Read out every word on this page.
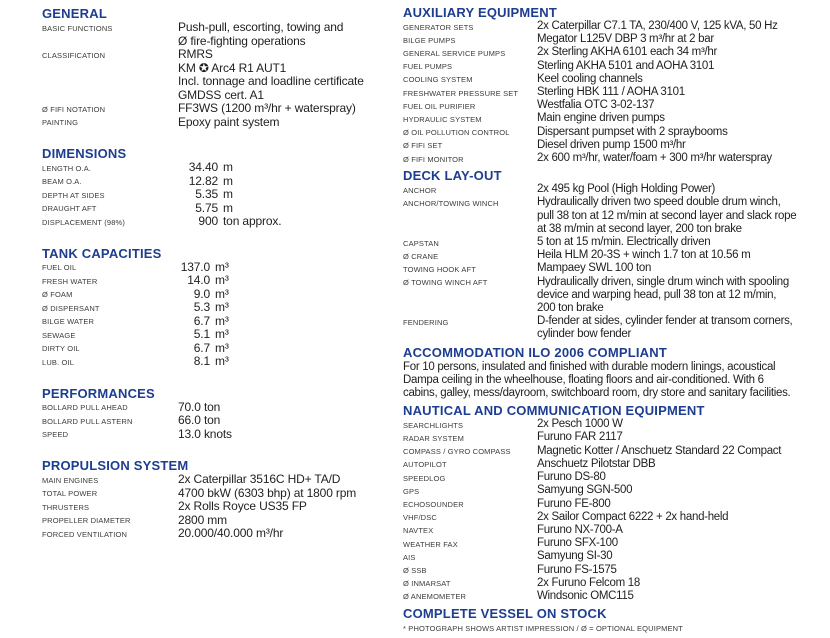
GENERAL
BASIC FUNCTIONS	Push-pull, escorting, towing and
Ø fire-fighting operations
CLASSIFICATION	RMRS
KM ✪ Arc4 R1 AUT1
Incl. tonnage and loadline certificate
GMDSS cert. A1
Ø FIFI NOTATION	FF3WS (1200 m³/hr + waterspray)
PAINTING	Epoxy paint system
DIMENSIONS
LENGTH O.A.	34.40 m
BEAM O.A.	12.82 m
DEPTH AT SIDES	5.35 m
DRAUGHT AFT	5.75 m
DISPLACEMENT (98%)	900 ton approx.
TANK CAPACITIES
FUEL OIL	137.0 m³
FRESH WATER	14.0 m³
Ø FOAM	9.0 m³
Ø DISPERSANT	5.3 m³
BILGE WATER	6.7 m³
SEWAGE	5.1 m³
DIRTY OIL	6.7 m³
LUB. OIL	8.1 m³
PERFORMANCES
BOLLARD PULL AHEAD	70.0 ton
BOLLARD PULL ASTERN	66.0 ton
SPEED	13.0 knots
PROPULSION SYSTEM
MAIN ENGINES	2x Caterpillar 3516C HD+ TA/D
TOTAL POWER	4700 bkW (6303 bhp) at 1800 rpm
THRUSTERS	2x Rolls Royce US35 FP
PROPELLER DIAMETER	2800 mm
FORCED VENTILATION	20.000/40.000 m³/hr
AUXILIARY EQUIPMENT
GENERATOR SETS	2x Caterpillar C7.1 TA, 230/400 V, 125 kVA, 50 Hz
BILGE PUMPS	Megator L125V DBP 3 m³/hr at 2 bar
GENERAL SERVICE PUMPS	2x Sterling AKHA 6101 each 34 m³/hr
FUEL PUMPS	Sterling AKHA 5101 and AOHA 3101
COOLING SYSTEM	Keel cooling channels
FRESHWATER PRESSURE SET Sterling HBK 111 / AOHA 3101
FUEL OIL PURIFIER	Westfalia OTC 3-02-137
HYDRAULIC SYSTEM	Main engine driven pumps
Ø OIL POLLUTION CONTROL Dispersant pumpset with 2 spraybooms
Ø FIFI SET	Diesel driven pump 1500 m³/hr
Ø FIFI MONITOR	2x 600 m³/hr, water/foam + 300 m³/hr waterspray
DECK LAY-OUT
ANCHOR	2x 495 kg Pool (High Holding Power)
ANCHOR/TOWING WINCH	Hydraulically driven two speed double drum winch,
pull 38 ton at 12 m/min at second layer and slack rope
at 38 m/min at second layer, 200 ton brake
CAPSTAN	5 ton at 15 m/min. Electrically driven
Ø CRANE	Heila HLM 20-3S + winch 1.7 ton at 10.56 m
TOWING HOOK AFT	Mampaey SWL 100 ton
Ø TOWING WINCH AFT	Hydraulically driven, single drum winch with spooling
device and warping head, pull 38 ton at 12 m/min,
200 ton brake
FENDERING	D-fender at sides, cylinder fender at transom corners,
cylinder bow fender
ACCOMMODATION ILO 2006 COMPLIANT
For 10 persons, insulated and finished with durable modern linings, acoustical
Dampa ceiling in the wheelhouse, floating floors and air-conditioned. With 6
cabins, galley, mess/dayroom, switchboard room, dry store and sanitary facilities.
NAUTICAL AND COMMUNICATION EQUIPMENT
SEARCHLIGHTS	2x Pesch 1000 W
RADAR SYSTEM	Furuno FAR 2117
COMPASS / GYRO COMPASS Magnetic Kotter / Anschuetz Standard 22 Compact
AUTOPILOT	Anschuetz Pilotstar DBB
SPEEDLOG	Furuno DS-80
GPS	Samyung SGN-500
ECHOSOUNDER	Furuno FE-800
VHF/DSC	2x Sailor Compact 6222 + 2x hand-held
NAVTEX	Furuno NX-700-A
WEATHER FAX	Furuno SFX-100
AIS	Samyung SI-30
Ø SSB	Furuno FS-1575
Ø INMARSAT	2x Furuno Felcom 18
Ø ANEMOMETER	Windsonic OMC115
COMPLETE VESSEL ON STOCK
* PHOTOGRAPH SHOWS ARTIST IMPRESSION / Ø = OPTIONAL EQUIPMENT
